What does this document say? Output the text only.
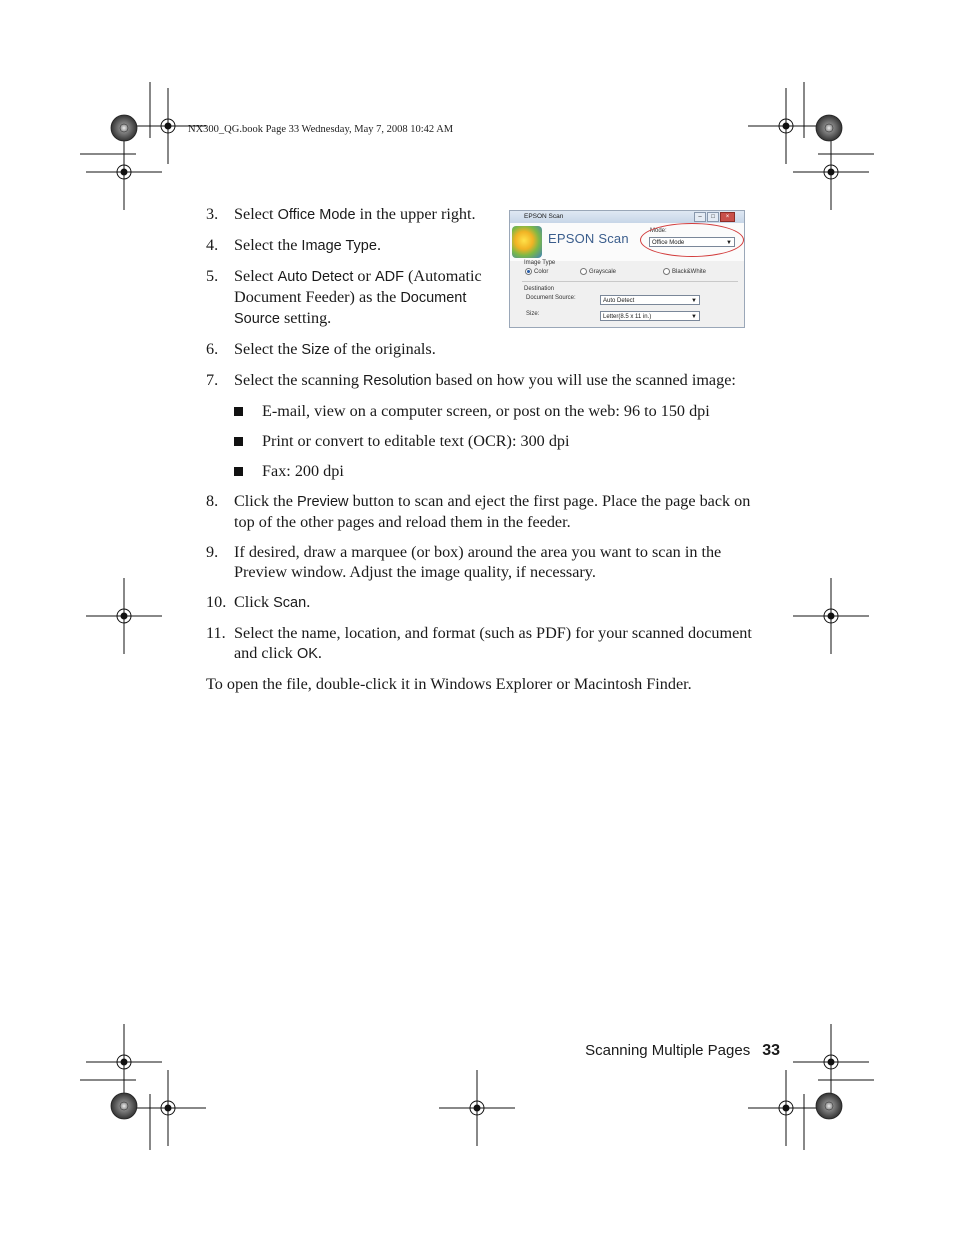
NX300_QG.book Page 33 Wednesday, May 7, 2008 10:42 AM
3. Select Office Mode in the upper right.
4. Select the Image Type.
5. Select Auto Detect or ADF (Automatic Document Feeder) as the Document Source setting.
6. Select the Size of the originals.
7. Select the scanning Resolution based on how you will use the scanned image:
E-mail, view on a computer screen, or post on the web: 96 to 150 dpi
Print or convert to editable text (OCR): 300 dpi
Fax: 200 dpi
8. Click the Preview button to scan and eject the first page. Place the page back on top of the other pages and reload them in the feeder.
9. If desired, draw a marquee (or box) around the area you want to scan in the Preview window. Adjust the image quality, if necessary.
10. Click Scan.
11. Select the name, location, and format (such as PDF) for your scanned document and click OK.
To open the file, double-click it in Windows Explorer or Macintosh Finder.
EPSON Scan	–	□	×
EPSON Scan	Mode:
Office Mode	▼
Image Type
Color	Grayscale	Black&White
Destination
Document Source:	Auto Detect	▼
Size:	Letter(8.5 x 11 in.)	▼
Scanning Multiple Pages 33
